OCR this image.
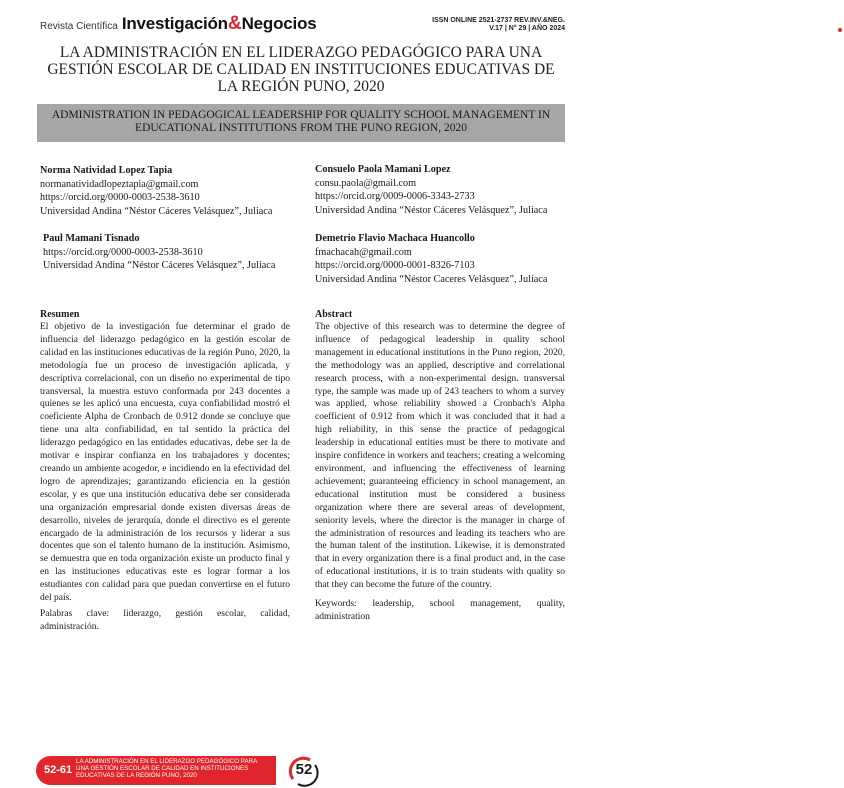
Revista Científica Investigación&Negocios	ISSN ONLINE 2521-2737 REV.INV.&NEG.
V.17 | N° 29 | AÑO 2024
LA ADMINISTRACIÓN EN EL LIDERAZGO PEDAGÓGICO PARA UNA GESTIÓN ESCOLAR DE CALIDAD EN INSTITUCIONES EDUCATIVAS DE LA REGIÓN PUNO, 2020
ADMINISTRATION IN PEDAGOGICAL LEADERSHIP FOR QUALITY SCHOOL MANAGEMENT IN EDUCATIONAL INSTITUTIONS FROM THE PUNO REGION, 2020
Norma Natividad Lopez Tapia
normanatividadlopeztapia@gmail.com
https://orcid.org/0000-0003-2538-3610
Universidad Andina “Néstor Cáceres Velásquez”, Juliaca
Consuelo Paola Mamani Lopez
consu.paola@gmail.com
https://orcid.org/0009-0006-3343-2733
Universidad Andina “Néstor Cáceres Velásquez”, Juliaca
Paul Mamani Tisnado
https://orcid.org/0000-0003-2538-3610
Universidad Andina “Néstor Cáceres Velásquez”, Juliaca
Demetrio Flavio Machaca Huancollo
fmachacah@gmail.com
https://orcid.org/0000-0001-8326-7103
Universidad Andina “Néstor Caceres Velásquez”, Juliaca
Resumen
El objetivo de la investigación fue determinar el grado de influencia del liderazgo pedagógico en la gestión escolar de calidad en las instituciones educativas de la región Puno, 2020, la metodología fue un proceso de investigación aplicada, y descriptiva correlacional, con un diseño no experimental de tipo transversal, la muestra estuvo conformada por 243 docentes a quienes se les aplicó una encuesta, cuya confiabilidad mostró el coeficiente Alpha de Cronbach de 0.912 donde se concluye que tiene una alta confiabilidad, en tal sentido la práctica del liderazgo pedagógico en las entidades educativas, debe ser la de motivar e inspirar confianza en los trabajadores y docentes; creando un ambiente acogedor, e incidiendo en la efectividad del logro de aprendizajes; garantizando eficiencia en la gestión escolar, y es que una institución educativa debe ser considerada una organización empresarial donde existen diversas áreas de desarrollo, niveles de jerarquía, donde el directivo es el gerente encargado de la administración de los recursos y liderar a sus docentes que son el talento humano de la institución. Asimismo, se demuestra que en toda organización existe un producto final y en las instituciones educativas este es lograr formar a los estudiantes con calidad para que puedan convertirse en el futuro del país.
Palabras clave: liderazgo, gestión escolar, calidad, administración.
Abstract
The objective of this research was to determine the degree of influence of pedagogical leadership in quality school management in educational institutions in the Puno region, 2020, the methodology was an applied, descriptive and correlational research process, with a non-experimental design. transversal type, the sample was made up of 243 teachers to whom a survey was applied, whose reliability showed a Cronbach's Alpha coefficient of 0.912 from which it was concluded that it had a high reliability, in this sense the practice of pedagogical leadership in educational entities must be there to motivate and inspire confidence in workers and teachers; creating a welcoming environment, and influencing the effectiveness of learning achievement; guaranteeing efficiency in school management, an educational institution must be considered a business organization where there are several areas of development, seniority levels, where the director is the manager in charge of the administration of resources and leading its teachers who are the human talent of the institution. Likewise, it is demonstrated that in every organization there is a final product and, in the case of educational institutions, it is to train students with quality so that they can become the future of the country.
Keywords: leadership, school management, quality, administration
52-61
LA ADMINISTRACIÓN EN EL LIDERAZGO PEDAGÓGICO PARA UNA GESTIÓN ESCOLAR DE CALIDAD EN INSTITUCIONES EDUCATIVAS DE LA REGIÓN PUNO, 2020	52
